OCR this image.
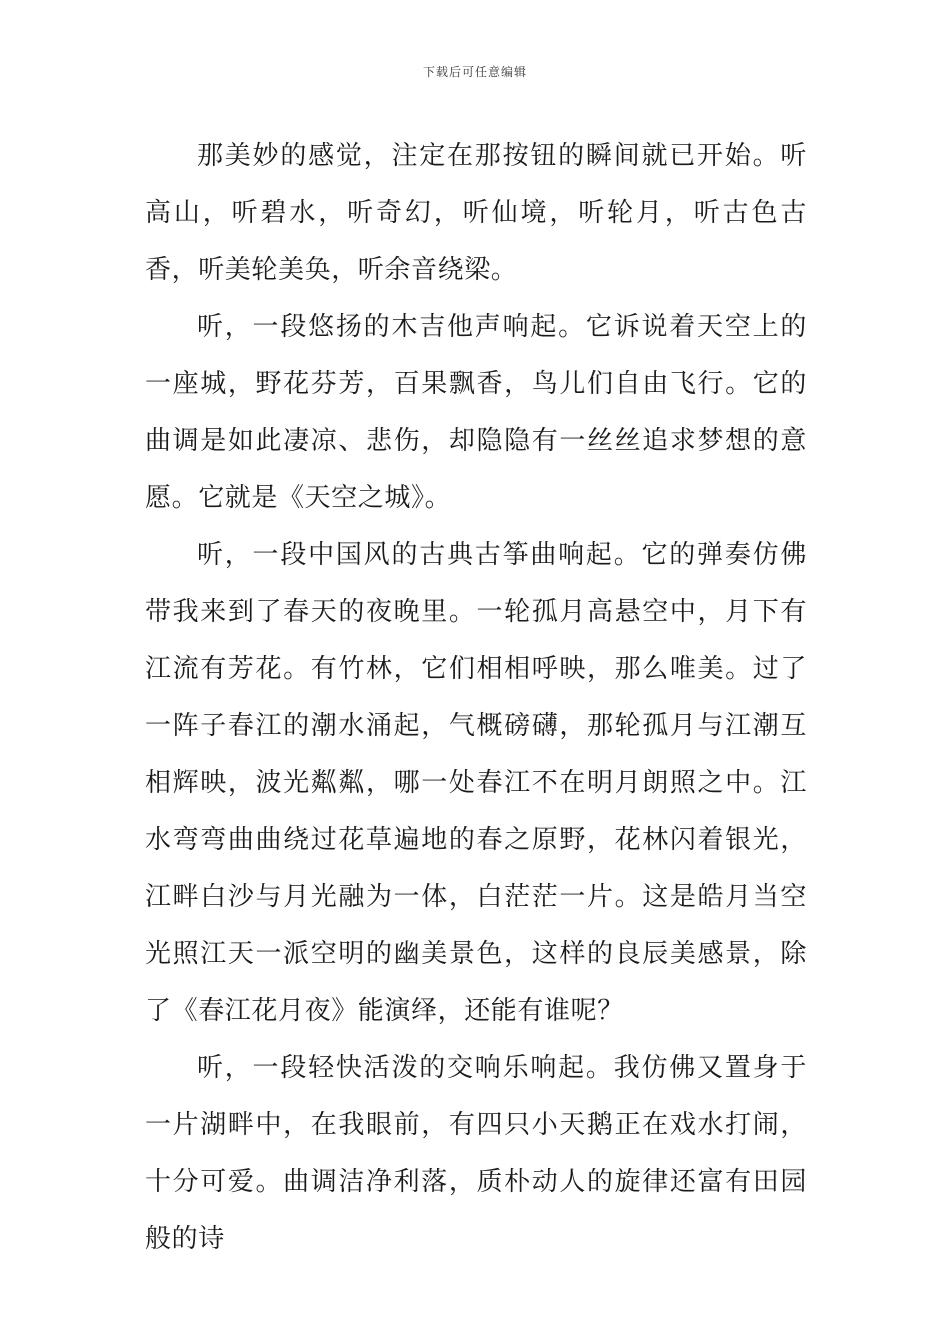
下载后可任意编辑

那美妙的感觉，注定在那按钮的瞬间就已开始。听高山，听碧水，听奇幻，听仙境，听轮月，听古色古香，听美轮美奂，听余音绕梁。

听，一段悠扬的木吉他声响起。它诉说着天空上的一座城，野花芬芳，百果飘香，鸟儿们自由飞行。它的曲调是如此凄凉、悲伤，却隐隐有一丝丝追求梦想的意愿。它就是《天空之城》。

听，一段中国风的古典古筝曲响起。它的弹奏仿佛带我来到了春天的夜晚里。一轮孤月高悬空中，月下有江流有芳花。有竹林，它们相相呼映，那么唯美。过了一阵子春江的潮水涌起，气概磅礴，那轮孤月与江潮互相辉映，波光粼粼，哪一处春江不在明月朗照之中。江水弯弯曲曲绕过花草遍地的春之原野，花林闪着银光，江畔白沙与月光融为一体，白茫茫一片。这是皓月当空光照江天一派空明的幽美景色，这样的良辰美感景，除了《春江花月夜》能演绎，还能有谁呢？

听，一段轻快活泼的交响乐响起。我仿佛又置身于一片湖畔中，在我眼前，有四只小天鹅正在戏水打闹，十分可爱。曲调洁净利落，质朴动人的旋律还富有田园般的诗
